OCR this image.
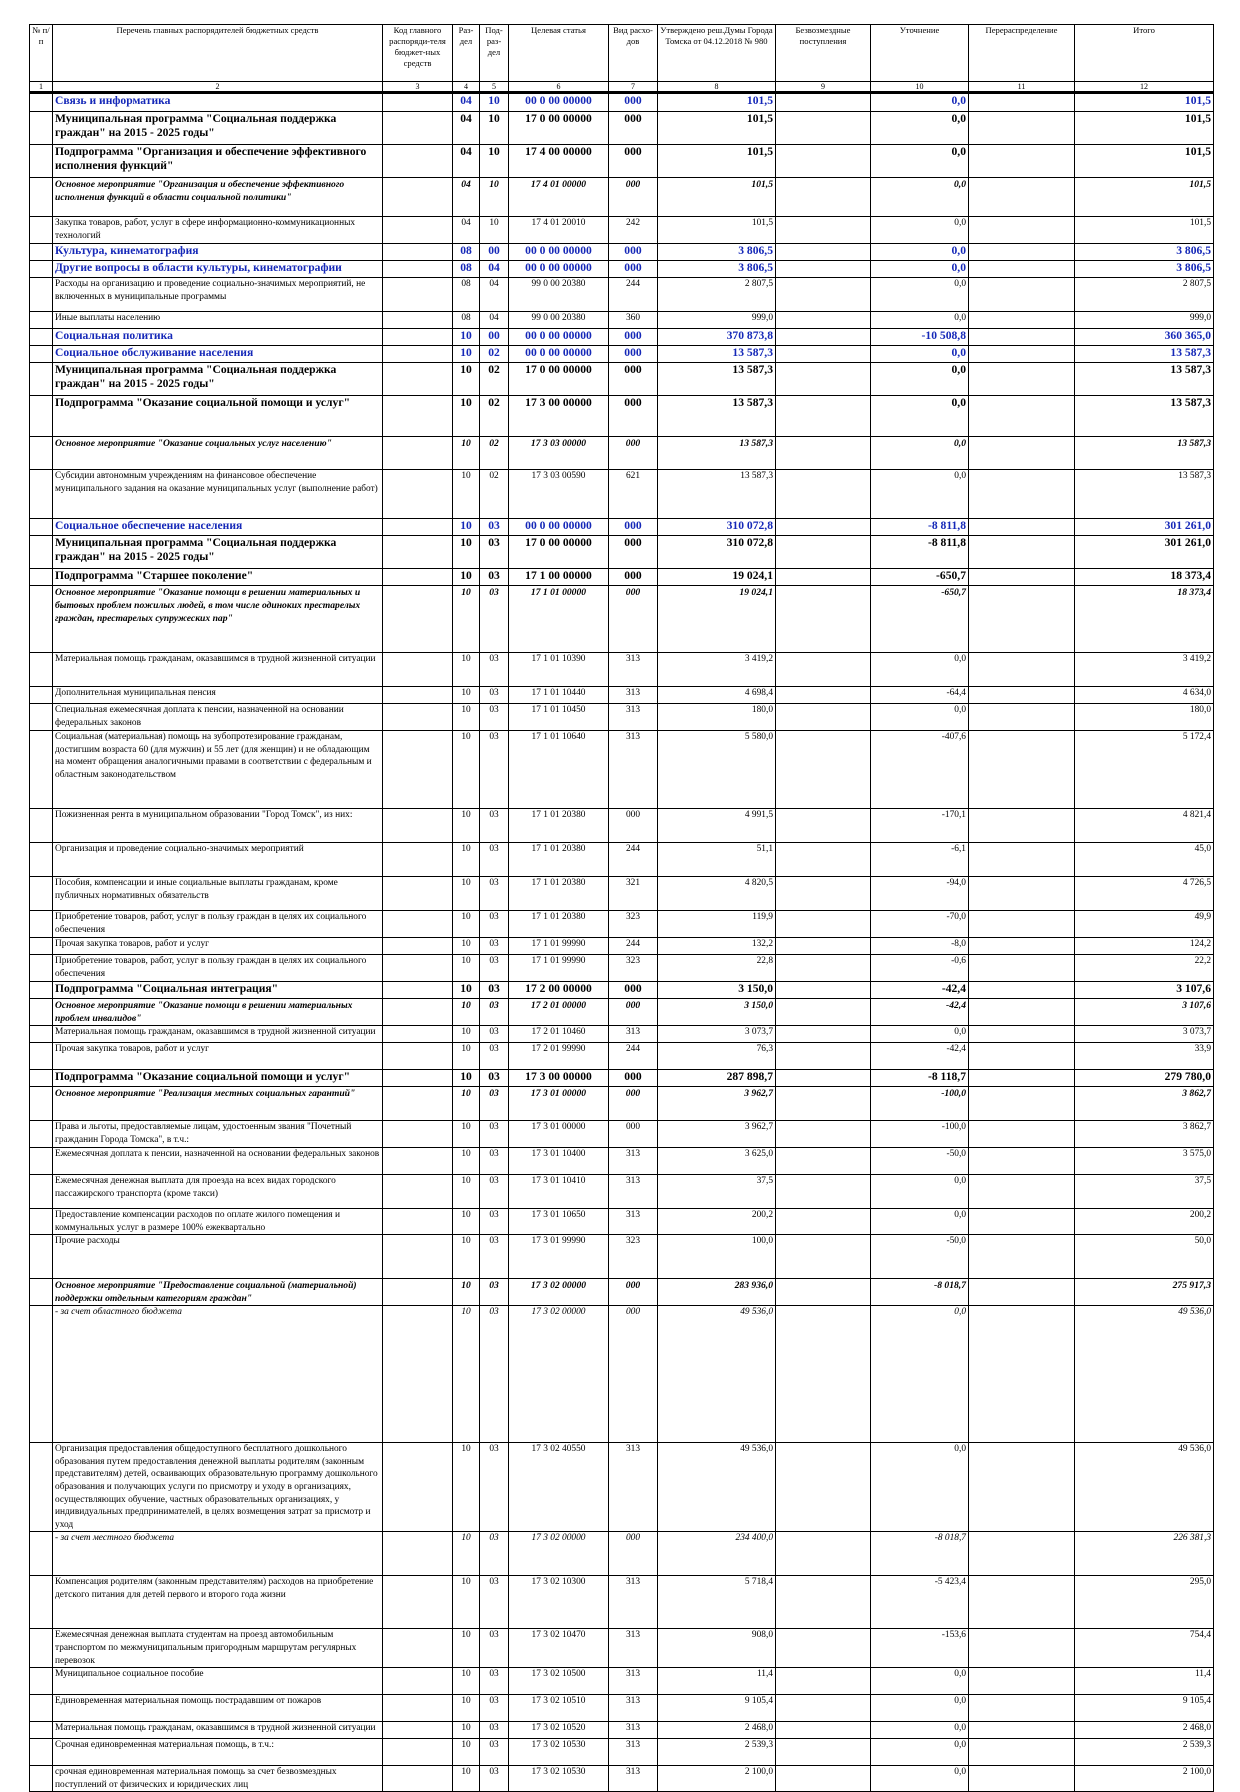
№ п/п	Перечень главных распорядителей бюджетных средств	Код главного распоряди-теля бюджет-ных средств	Раз-дел	Под-раз-дел	Целевая статья	Вид расхо-дов	Утверждено реш.Думы Города Томска от 04.12.2018 № 980	Безвозмездные поступления	Уточнение	Перераспределение	Итого
1	2	3	4	5	6	7	8	9	10	11	12
	Связь и информатика		04	10	00 0 00 00000	000	101,5		0,0		101,5
	Муниципальная программа "Социальная поддержка граждан" на 2015 - 2025 годы"		04	10	17 0 00 00000	000	101,5		0,0		101,5
	Подпрограмма "Организация и обеспечение эффективного исполнения функций"		04	10	17 4 00 00000	000	101,5		0,0		101,5
	Основное мероприятие "Организация и обеспечение эффективного исполнения функций в области социальной политики"		04	10	17 4 01 00000	000	101,5		0,0		101,5
	Закупка товаров, работ, услуг в сфере информационно-коммуникационных технологий		04	10	17 4 01 20010	242	101,5		0,0		101,5
	Культура, кинематография		08	00	00 0 00 00000	000	3 806,5		0,0		3 806,5
	Другие вопросы в области культуры, кинематографии		08	04	00 0 00 00000	000	3 806,5		0,0		3 806,5
	Расходы на организацию и проведение социально-значимых мероприятий, не включенных в муниципальные программы		08	04	99 0 00 20380	244	2 807,5		0,0		2 807,5
	Иные выплаты населению		08	04	99 0 00 20380	360	999,0		0,0		999,0
	Социальная политика		10	00	00 0 00 00000	000	370 873,8		-10 508,8		360 365,0
	Социальное обслуживание населения		10	02	00 0 00 00000	000	13 587,3		0,0		13 587,3
	Муниципальная программа "Социальная поддержка граждан" на 2015 - 2025 годы"		10	02	17 0 00 00000	000	13 587,3		0,0		13 587,3
	Подпрограмма "Оказание социальной помощи и услуг"		10	02	17 3 00 00000	000	13 587,3		0,0		13 587,3
	Основное мероприятие "Оказание социальных услуг населению"		10	02	17 3 03 00000	000	13 587,3		0,0		13 587,3
	Субсидии автономным учреждениям на финансовое обеспечение муниципального задания на оказание муниципальных услуг (выполнение работ)		10	02	17 3 03 00590	621	13 587,3		0,0		13 587,3
	Социальное обеспечение населения		10	03	00 0 00 00000	000	310 072,8		-8 811,8		301 261,0
	Муниципальная программа "Социальная поддержка граждан" на 2015 - 2025 годы"		10	03	17 0 00 00000	000	310 072,8		-8 811,8		301 261,0
	Подпрограмма "Старшее поколение"		10	03	17 1 00 00000	000	19 024,1		-650,7		18 373,4
	Основное мероприятие "Оказание помощи в решении материальных и бытовых проблем пожилых людей, в том числе одиноких престарелых граждан, престарелых супружеских пар"		10	03	17 1 01 00000	000	19 024,1		-650,7		18 373,4
	Материальная помощь гражданам, оказавшимся в трудной жизненной ситуации		10	03	17 1 01 10390	313	3 419,2		0,0		3 419,2
	Дополнительная муниципальная пенсия		10	03	17 1 01 10440	313	4 698,4		-64,4		4 634,0
	Специальная ежемесячная доплата к пенсии, назначенной на основании федеральных законов		10	03	17 1 01 10450	313	180,0		0,0		180,0
	Социальная (материальная) помощь на зубопротезирование гражданам, достигшим возраста 60 (для мужчин) и 55 лет (для женщин) и не обладающим на момент обращения аналогичными правами в соответствии с федеральным и областным законодательством		10	03	17 1 01 10640	313	5 580,0		-407,6		5 172,4
	Пожизненная рента в муниципальном образовании "Город Томск", из них:		10	03	17 1 01 20380	000	4 991,5		-170,1		4 821,4
	Организация и проведение социально-значимых мероприятий		10	03	17 1 01 20380	244	51,1		-6,1		45,0
	Пособия, компенсации и иные социальные выплаты гражданам, кроме публичных нормативных обязательств		10	03	17 1 01 20380	321	4 820,5		-94,0		4 726,5
	Приобретение товаров, работ, услуг в пользу граждан в целях их социального обеспечения		10	03	17 1 01 20380	323	119,9		-70,0		49,9
	Прочая закупка товаров, работ и услуг		10	03	17 1 01 99990	244	132,2		-8,0		124,2
	Приобретение товаров, работ, услуг в пользу граждан в целях их социального обеспечения		10	03	17 1 01 99990	323	22,8		-0,6		22,2
	Подпрограмма "Социальная интеграция"		10	03	17 2 00 00000	000	3 150,0		-42,4		3 107,6
	Основное мероприятие "Оказание помощи в решении материальных проблем инвалидов"		10	03	17 2 01 00000	000	3 150,0		-42,4		3 107,6
	Материальная помощь гражданам, оказавшимся в трудной жизненной ситуации		10	03	17 2 01 10460	313	3 073,7		0,0		3 073,7
	Прочая закупка товаров, работ и услуг		10	03	17 2 01 99990	244	76,3		-42,4		33,9
	Подпрограмма "Оказание социальной помощи и услуг"		10	03	17 3 00 00000	000	287 898,7		-8 118,7		279 780,0
	Основное мероприятие "Реализация местных социальных гарантий"		10	03	17 3 01 00000	000	3 962,7		-100,0		3 862,7
	Права и льготы, предоставляемые лицам, удостоенным звания "Почетный гражданин Города Томска", в т.ч.:		10	03	17 3 01 00000	000	3 962,7		-100,0		3 862,7
	Ежемесячная доплата к пенсии, назначенной на основании федеральных законов		10	03	17 3 01 10400	313	3 625,0		-50,0		3 575,0
	Ежемесячная денежная выплата для проезда на всех видах городского пассажирского транспорта (кроме такси)		10	03	17 3 01 10410	313	37,5		0,0		37,5
	Предоставление компенсации расходов по оплате жилого помещения и коммунальных услуг в размере 100% ежеквартально		10	03	17 3 01 10650	313	200,2		0,0		200,2
	Прочие расходы		10	03	17 3 01 99990	323	100,0		-50,0		50,0
	Основное мероприятие "Предоставление социальной (материальной) поддержки отдельным категориям граждан"		10	03	17 3 02 00000	000	283 936,0		-8 018,7		275 917,3
	- за счет областного бюджета		10	03	17 3 02 00000	000	49 536,0		0,0		49 536,0
	Организация предоставления общедоступного бесплатного дошкольного образования путем предоставления денежной выплаты родителям (законным представителям) детей, осваивающих образовательную программу дошкольного образования и получающих услуги по присмотру и уходу в организациях, осуществляющих обучение, частных образовательных организациях, у индивидуальных предпринимателей, в целях возмещения затрат за присмотр и уход		10	03	17 3 02 40550	313	49 536,0		0,0		49 536,0
	- за счет местного бюджета		10	03	17 3 02 00000	000	234 400,0		-8 018,7		226 381,3
	Компенсация родителям (законным представителям) расходов на приобретение детского питания для детей первого и второго года жизни		10	03	17 3 02 10300	313	5 718,4		-5 423,4		295,0
	Ежемесячная денежная выплата студентам на проезд автомобильным транспортом по межмуниципальным пригородным маршрутам регулярных перевозок		10	03	17 3 02 10470	313	908,0		-153,6		754,4
	Муниципальное социальное пособие		10	03	17 3 02 10500	313	11,4		0,0		11,4
	Единовременная материальная помощь пострадавшим от пожаров		10	03	17 3 02 10510	313	9 105,4		0,0		9 105,4
	Материальная помощь гражданам, оказавшимся в трудной жизненной ситуации		10	03	17 3 02 10520	313	2 468,0		0,0		2 468,0
	Срочная единовременная материальная помощь, в т.ч.:		10	03	17 3 02 10530	313	2 539,3		0,0		2 539,3
	срочная единовременная материальная помощь за счет безвозмездных поступлений от физических и юридических лиц		10	03	17 3 02 10530	313	2 100,0		0,0		2 100,0
